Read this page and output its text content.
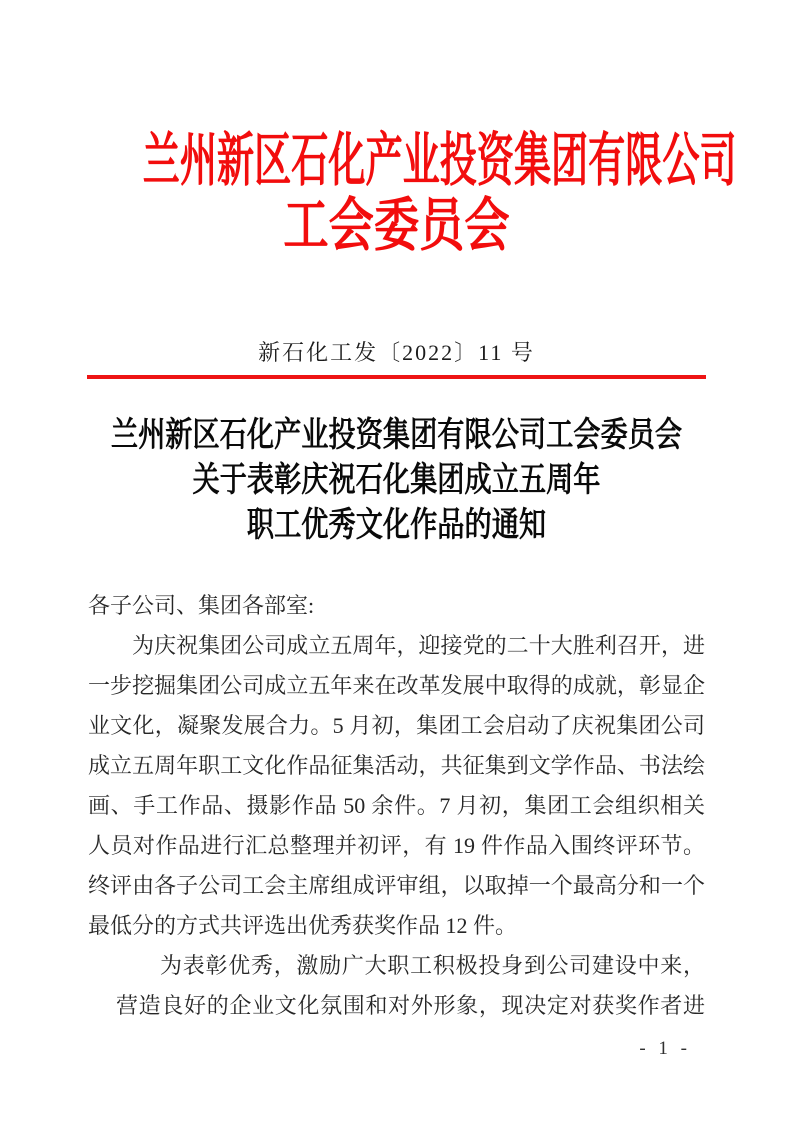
兰州新区石化产业投资集团有限公司
工会委员会
新石化工发〔2022〕11 号
兰州新区石化产业投资集团有限公司工会委员会
关于表彰庆祝石化集团成立五周年
职工优秀文化作品的通知
各子公司、集团各部室:
为庆祝集团公司成立五周年，迎接党的二十大胜利召开，进
一步挖掘集团公司成立五年来在改革发展中取得的成就，彰显企
业文化，凝聚发展合力。5 月初，集团工会启动了庆祝集团公司
成立五周年职工文化作品征集活动，共征集到文学作品、书法绘
画、手工作品、摄影作品 50 余件。7 月初，集团工会组织相关
人员对作品进行汇总整理并初评，有 19 件作品入围终评环节。
终评由各子公司工会主席组成评审组，以取掉一个最高分和一个
最低分的方式共评选出优秀获奖作品 12 件。
为表彰优秀，激励广大职工积极投身到公司建设中来，
营造良好的企业文化氛围和对外形象，现决定对获奖作者进
- 1 -
